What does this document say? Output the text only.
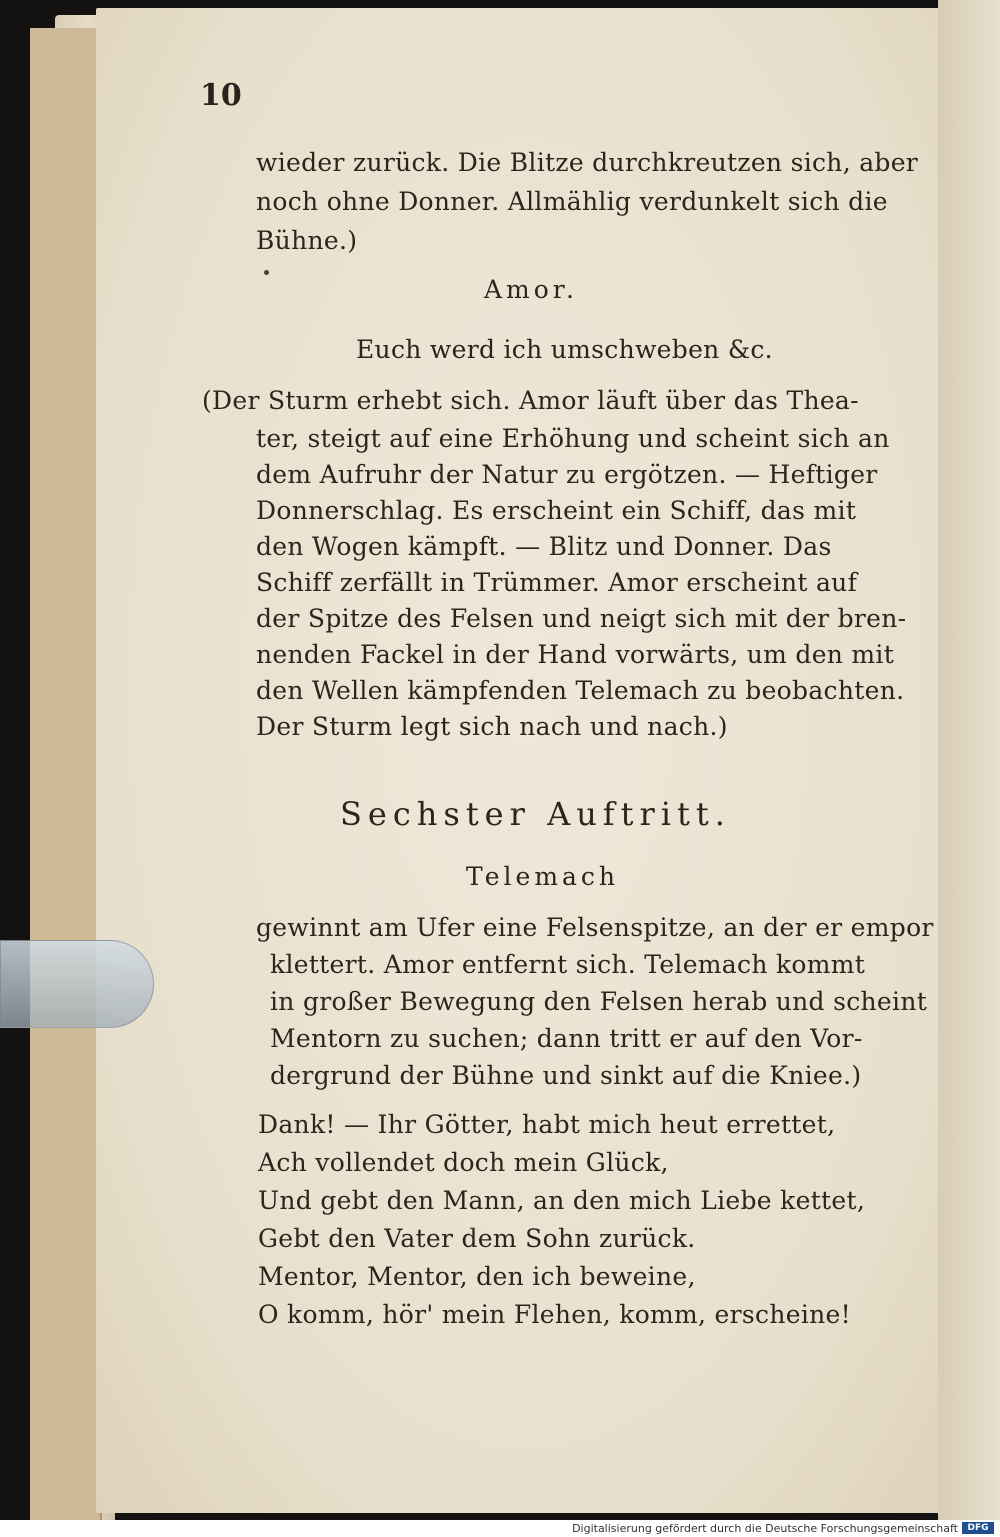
10
wieder zurück. Die Blitze durchkreutzen sich, aber
noch ohne Donner. Allmählig verdunkelt sich die
Bühne.)
Amor.
Euch werd ich umschweben &c.
(Der Sturm erhebt sich. Amor läuft über das Thea-
ter, steigt auf eine Erhöhung und scheint sich an
dem Aufruhr der Natur zu ergötzen. — Heftiger
Donnerschlag. Es erscheint ein Schiff, das mit
den Wogen kämpft. — Blitz und Donner. Das
Schiff zerfällt in Trümmer. Amor erscheint auf
der Spitze des Felsen und neigt sich mit der bren-
nenden Fackel in der Hand vorwärts, um den mit
den Wellen kämpfenden Telemach zu beobachten.
Der Sturm legt sich nach und nach.)
Sechster Auftritt.
Telemach
gewinnt am Ufer eine Felsenspitze, an der er empor
klettert. Amor entfernt sich. Telemach kommt
in großer Bewegung den Felsen herab und scheint
Mentorn zu suchen; dann tritt er auf den Vor-
dergrund der Bühne und sinkt auf die Kniee.)
Dank! — Ihr Götter, habt mich heut errettet,
Ach vollendet doch mein Glück,
Und gebt den Mann, an den mich Liebe kettet,
Gebt den Vater dem Sohn zurück.
Mentor, Mentor, den ich beweine,
O komm, hör' mein Flehen, komm, erscheine!
Digitalisierung gefördert durch die Deutsche Forschungsgemeinschaft	DFG
